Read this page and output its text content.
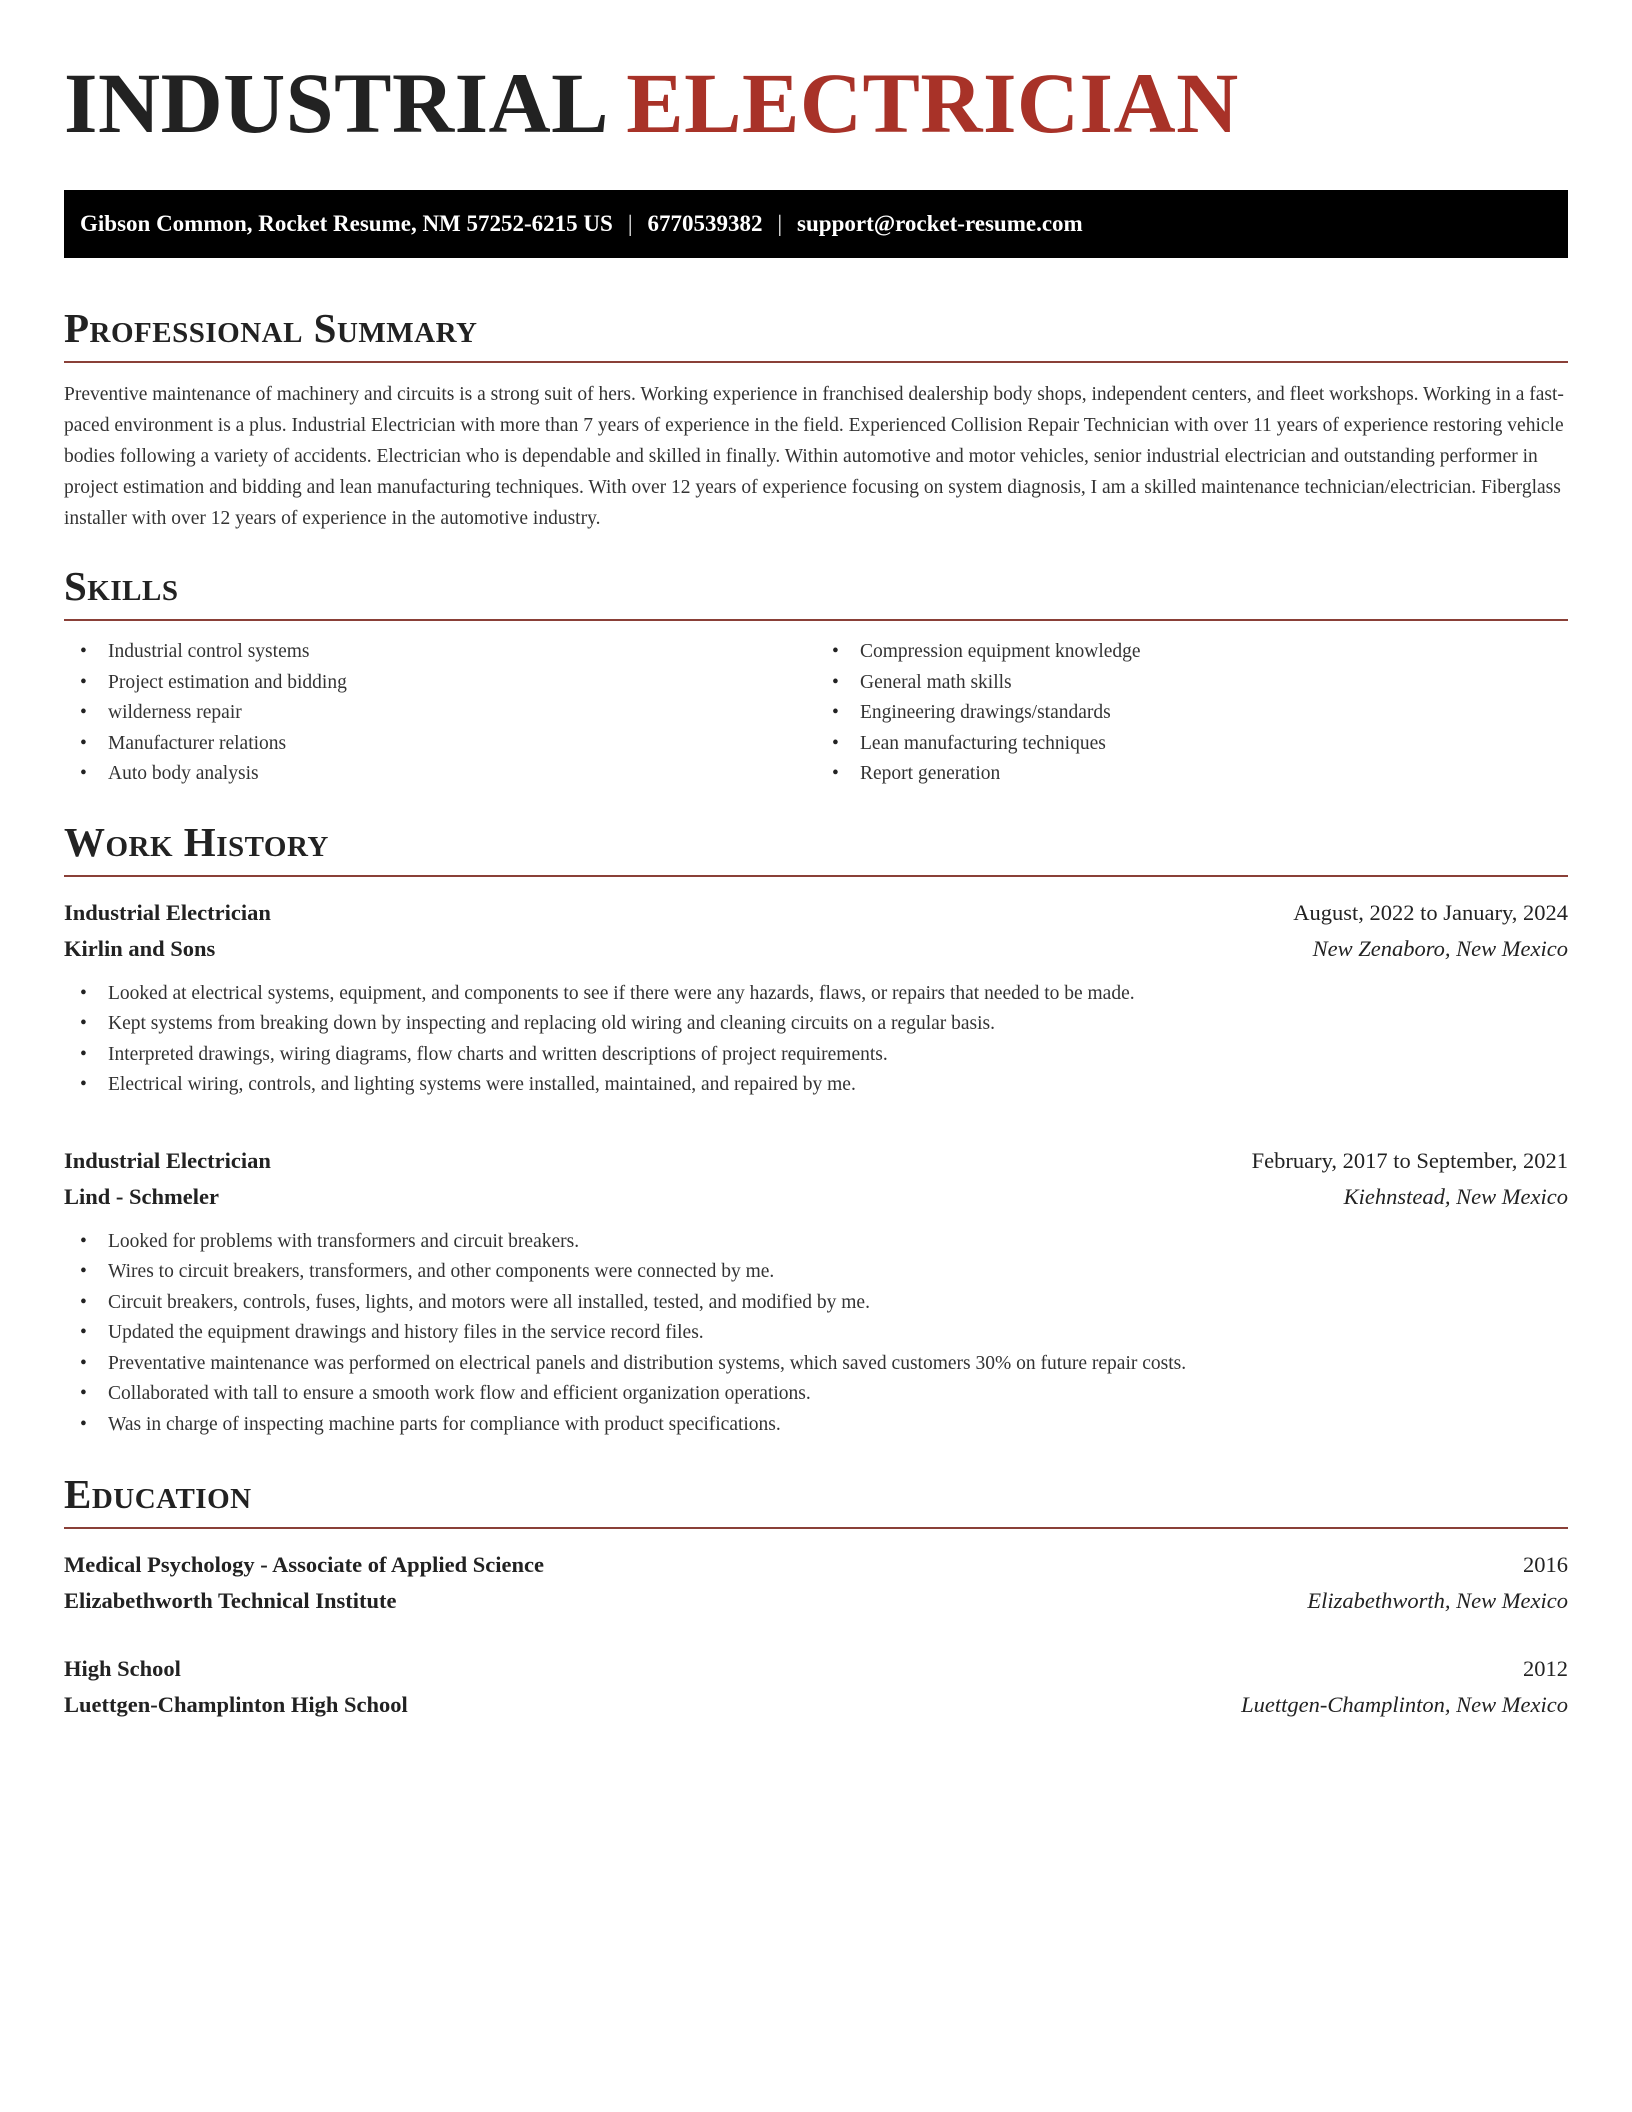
INDUSTRIAL ELECTRICIAN
Gibson Common, Rocket Resume, NM 57252-6215 US | 6770539382 | support@rocket-resume.com
Professional Summary

Preventive maintenance of machinery and circuits is a strong suit of hers. Working experience in franchised dealership body shops, independent centers, and fleet workshops. Working in a fast-paced environment is a plus. Industrial Electrician with more than 7 years of experience in the field. Experienced Collision Repair Technician with over 11 years of experience restoring vehicle bodies following a variety of accidents. Electrician who is dependable and skilled in finally. Within automotive and motor vehicles, senior industrial electrician and outstanding performer in project estimation and bidding and lean manufacturing techniques. With over 12 years of experience focusing on system diagnosis, I am a skilled maintenance technician/electrician. Fiberglass installer with over 12 years of experience in the automotive industry.

Skills
• Industrial control systems
• Project estimation and bidding
• wilderness repair
• Manufacturer relations
• Auto body analysis
• Compression equipment knowledge
• General math skills
• Engineering drawings/standards
• Lean manufacturing techniques
• Report generation
Work History
Industrial Electrician	August, 2022 to January, 2024
Kirlin and Sons	New Zenaboro, New Mexico
• Looked at electrical systems, equipment, and components to see if there were any hazards, flaws, or repairs that needed to be made.
• Kept systems from breaking down by inspecting and replacing old wiring and cleaning circuits on a regular basis.
• Interpreted drawings, wiring diagrams, flow charts and written descriptions of project requirements.
• Electrical wiring, controls, and lighting systems were installed, maintained, and repaired by me.
Industrial Electrician	February, 2017 to September, 2021
Lind - Schmeler	Kiehnstead, New Mexico
• Looked for problems with transformers and circuit breakers.
• Wires to circuit breakers, transformers, and other components were connected by me.
• Circuit breakers, controls, fuses, lights, and motors were all installed, tested, and modified by me.
• Updated the equipment drawings and history files in the service record files.
• Preventative maintenance was performed on electrical panels and distribution systems, which saved customers 30% on future repair costs.
• Collaborated with tall to ensure a smooth work flow and efficient organization operations.
• Was in charge of inspecting machine parts for compliance with product specifications.
Education
Medical Psychology - Associate of Applied Science	2016
Elizabethworth Technical Institute	Elizabethworth, New Mexico
High School	2012
Luettgen-Champlinton High School	Luettgen-Champlinton, New Mexico
